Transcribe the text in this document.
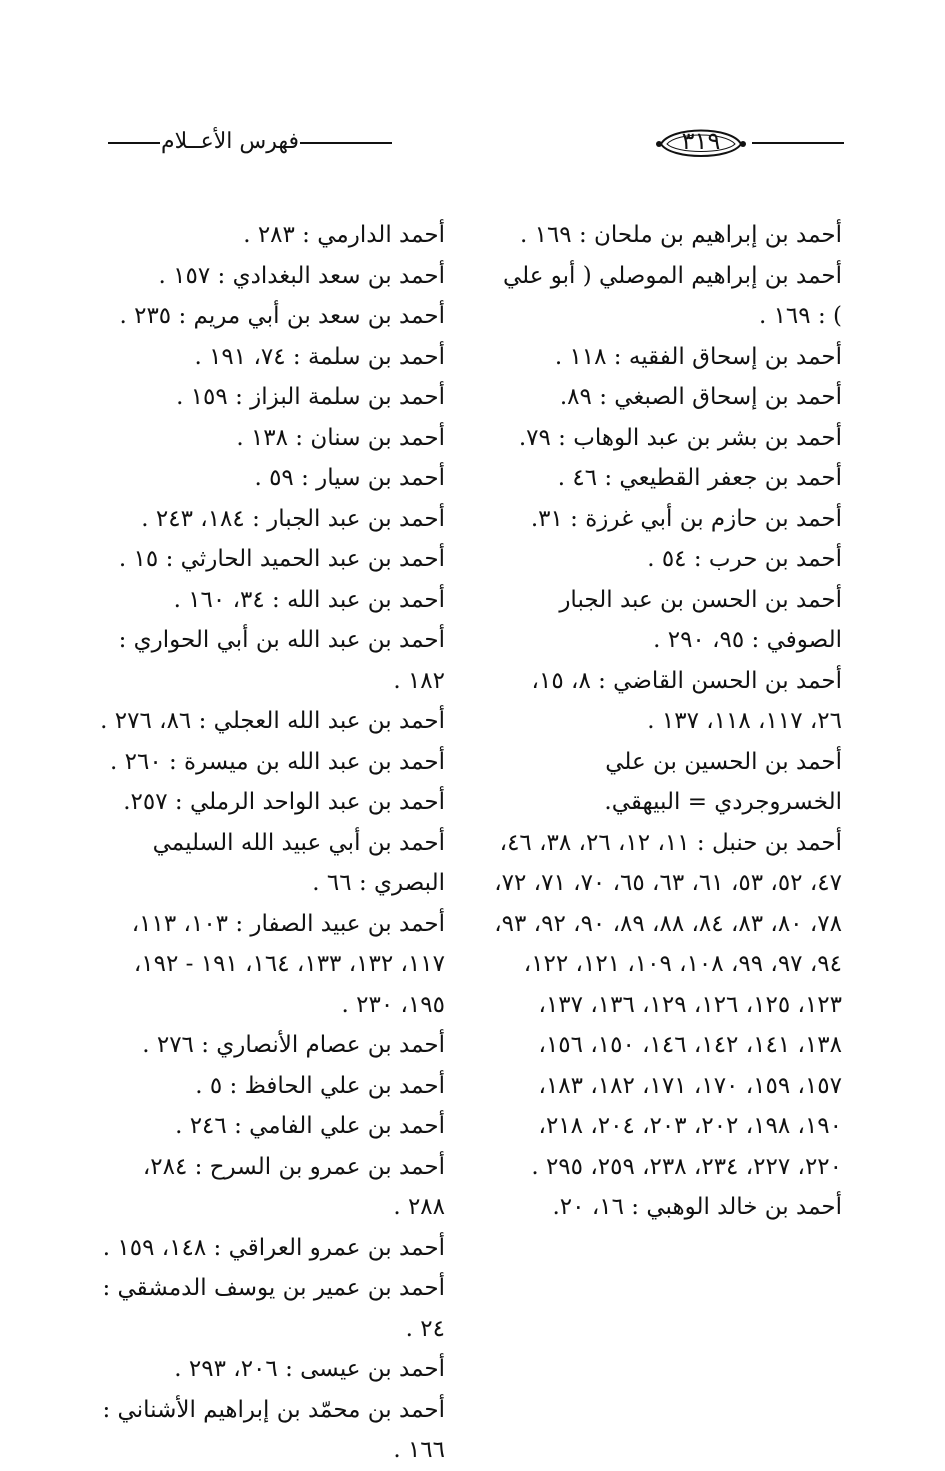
فهرس الأعــلام	٣١٩

أحمد بن إبراهيم بن ملحان : ١٦٩ .

أحمد بن إبراهيم الموصلي ( أبو علي ) : ١٦٩ .

أحمد بن إسحاق الفقيه : ١١٨ .

أحمد بن إسحاق الصبغي : ٨٩.

أحمد بن بشر بن عبد الوهاب : ٧٩.

أحمد بن جعفر القطيعي : ٤٦ .

أحمد بن حازم بن أبي غرزة : ٣١.

أحمد بن حرب : ٥٤ .

أحمد بن الحسن بن عبد الجبار الصوفي : ٩٥، ٢٩٠ .

أحمد بن الحسن القاضي : ٨، ١٥، ٢٦، ١١٧، ١١٨، ١٣٧ .

أحمد بن الحسين بن علي الخسروجردي = البيهقي.

أحمد بن حنبل : ١١، ١٢، ٢٦، ٣٨، ٤٦، ٤٧، ٥٢، ٥٣، ٦١، ٦٣، ٦٥، ٧٠، ٧١، ٧٢، ٧٨، ٨٠، ٨٣، ٨٤، ٨٨، ٨٩، ٩٠، ٩٢، ٩٣، ٩٤، ٩٧، ٩٩، ١٠٨، ١٠٩، ١٢١، ١٢٢، ١٢٣، ١٢٥، ١٢٦، ١٢٩، ١٣٦، ١٣٧، ١٣٨، ١٤١، ١٤٢، ١٤٦، ١٥٠، ١٥٦، ١٥٧، ١٥٩، ١٧٠، ١٧١، ١٨٢، ١٨٣، ١٩٠، ١٩٨، ٢٠٢، ٢٠٣، ٢٠٤، ٢١٨، ٢٢٠، ٢٢٧، ٢٣٤، ٢٣٨، ٢٥٩، ٢٩٥ .

أحمد بن خالد الوهبي : ١٦، ٢٠.

أحمد الدارمي : ٢٨٣ .

أحمد بن سعد البغدادي : ١٥٧ .

أحمد بن سعد بن أبي مريم : ٢٣٥ .

أحمد بن سلمة : ٧٤، ١٩١ .

أحمد بن سلمة البزاز : ١٥٩ .

أحمد بن سنان : ١٣٨ .

أحمد بن سيار : ٥٩ .

أحمد بن عبد الجبار : ١٨٤، ٢٤٣ .

أحمد بن عبد الحميد الحارثي : ١٥ .

أحمد بن عبد الله : ٣٤، ١٦٠ .

أحمد بن عبد الله بن أبي الحواري : ١٨٢ .

أحمد بن عبد الله العجلي : ٨٦، ٢٧٦ .

أحمد بن عبد الله بن ميسرة : ٢٦٠ .

أحمد بن عبد الواحد الرملي : ٢٥٧.

أحمد بن أبي عبيد الله السليمي البصري : ٦٦ .

أحمد بن عبيد الصفار : ١٠٣، ١١٣، ١١٧، ١٣٢، ١٣٣، ١٦٤، ١٩١ - ١٩٢، ١٩٥، ٢٣٠ .

أحمد بن عصام الأنصاري : ٢٧٦ .

أحمد بن علي الحافظ : ٥ .

أحمد بن علي الفامي : ٢٤٦ .

أحمد بن عمرو بن السرح : ٢٨٤، ٢٨٨ .

أحمد بن عمرو العراقي : ١٤٨، ١٥٩ .

أحمد بن عمير بن يوسف الدمشقي : ٢٤ .

أحمد بن عيسى : ٢٠٦، ٢٩٣ .

أحمد بن محمّد بن إبراهيم الأشناني : ١٦٦ .
